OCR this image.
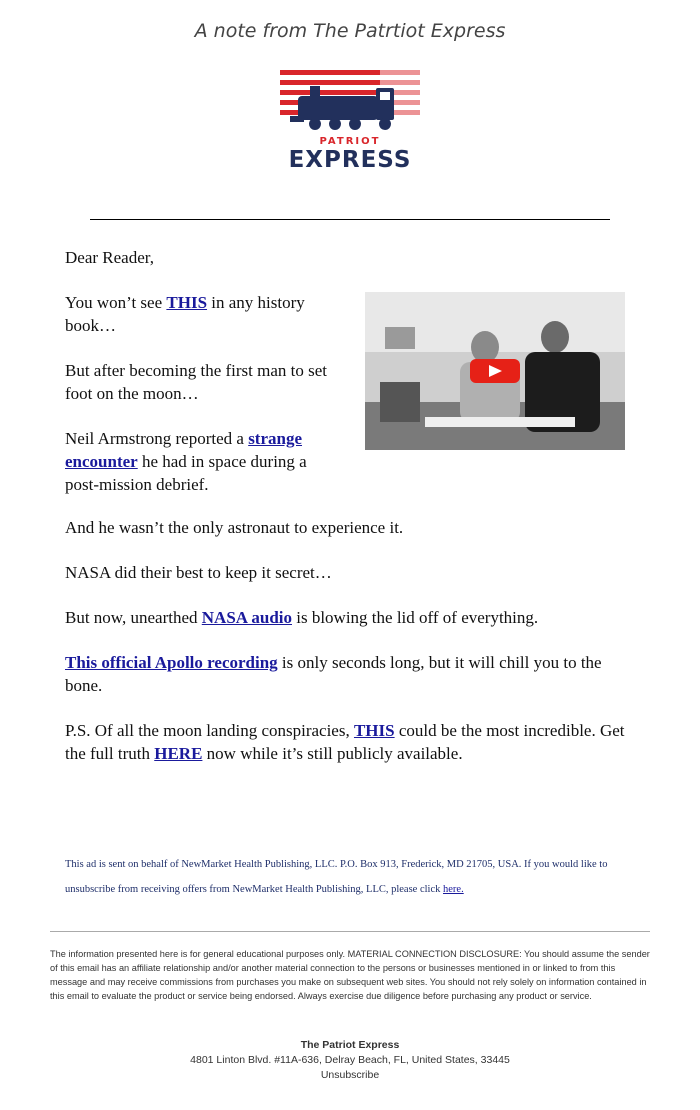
A note from The Patrtiot Express
PATRIOT
EXPRESS
Dear Reader,
You won’t see THIS in any history book…
But after becoming the first man to set foot on the moon…
Neil Armstrong reported a strange encounter he had in space during a post-mission debrief.
And he wasn’t the only astronaut to experience it.
NASA did their best to keep it secret…
But now, unearthed NASA audio is blowing the lid off of everything.
This official Apollo recording is only seconds long, but it will chill you to the bone.
P.S. Of all the moon landing conspiracies, THIS could be the most incredible. Get the full truth HERE now while it’s still publicly available.
This ad is sent on behalf of NewMarket Health Publishing, LLC. P.O. Box 913, Frederick, MD 21705, USA. If you would like to unsubscribe from receiving offers from NewMarket Health Publishing, LLC, please click here.
The information presented here is for general educational purposes only. MATERIAL CONNECTION DISCLOSURE: You should assume the sender of this email has an affiliate relationship and/or another material connection to the persons or businesses mentioned in or linked to from this message and may receive commissions from purchases you make on subsequent web sites. You should not rely solely on information contained in this email to evaluate the product or service being endorsed. Always exercise due diligence before purchasing any product or service.
The Patriot Express
4801 Linton Blvd. #11A-636, Delray Beach, FL, United States, 33445
Unsubscribe
